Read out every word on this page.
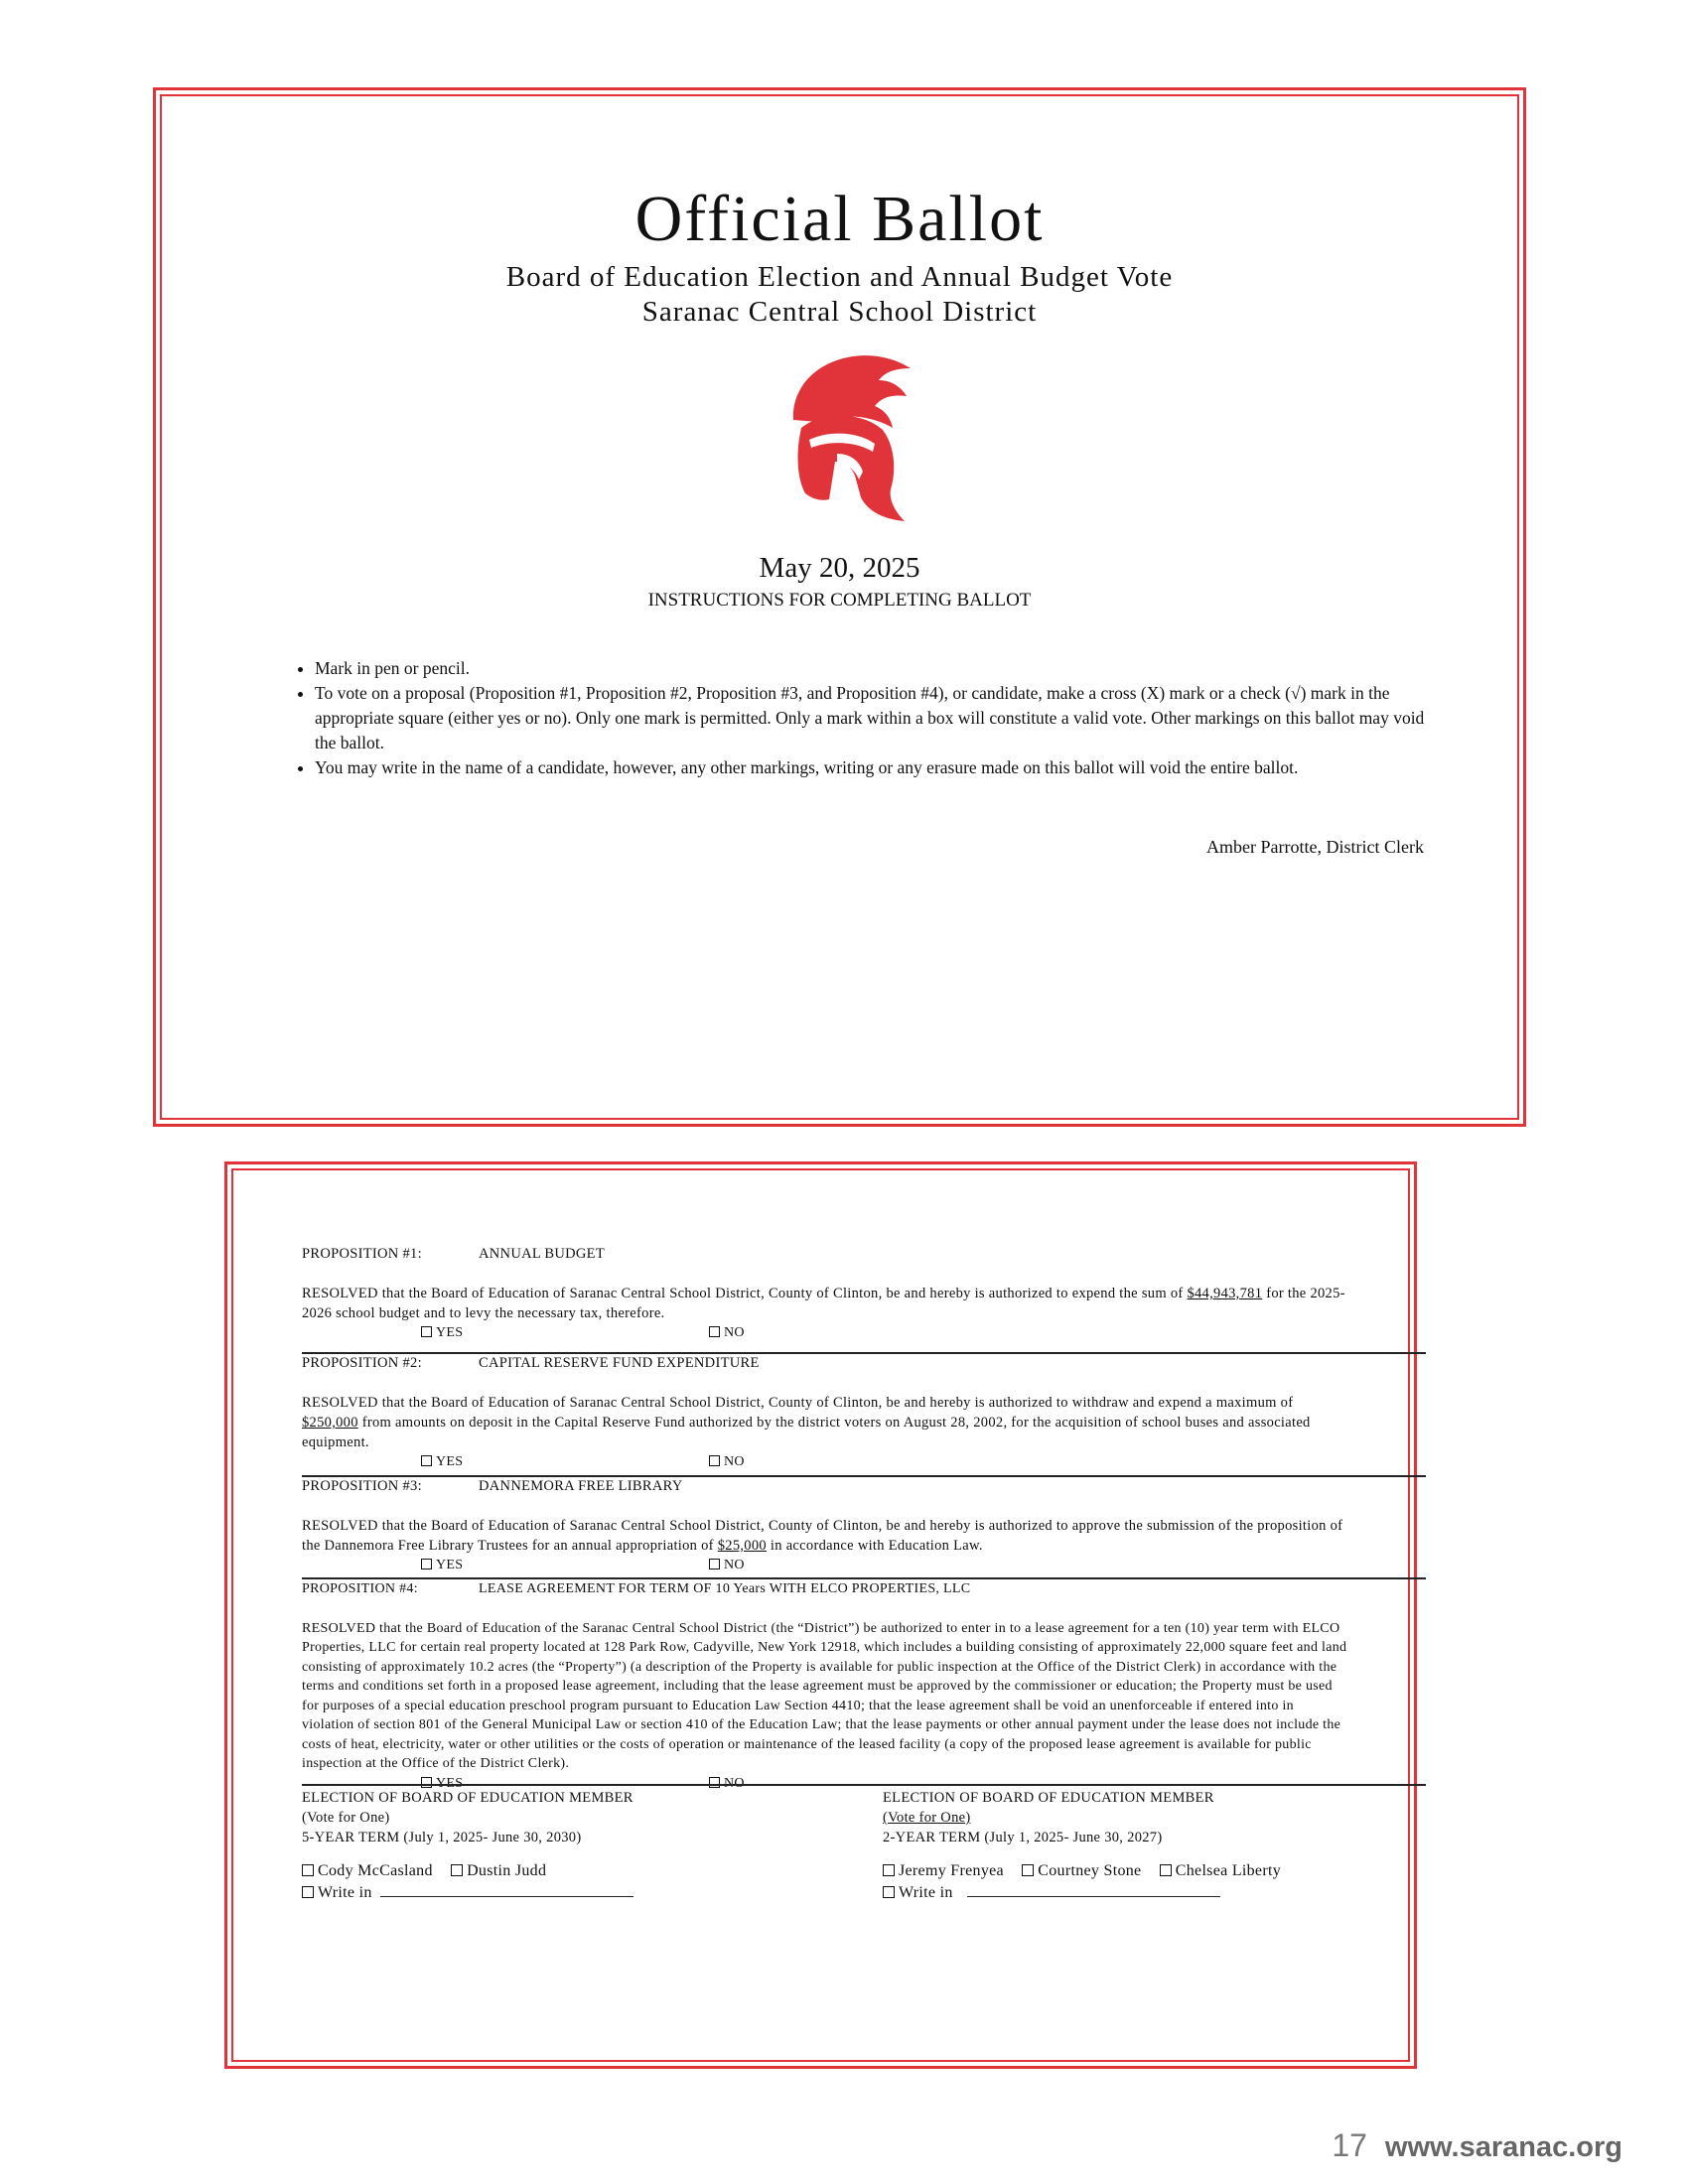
Official Ballot
Board of Education Election and Annual Budget Vote
Saranac Central School District
May 20, 2025
INSTRUCTIONS FOR COMPLETING BALLOT
• Mark in pen or pencil.
• To vote on a proposal (Proposition #1, Proposition #2, Proposition #3, and Proposition #4), or candidate, make a cross (X) mark or a check (√) mark in the appropriate square (either yes or no). Only one mark is permitted. Only a mark within a box will constitute a valid vote. Other markings on this ballot may void the ballot.
• You may write in the name of a candidate, however, any other markings, writing or any erasure made on this ballot will void the entire ballot.
Amber Parrotte, District Clerk
PROPOSITION #1:	ANNUAL BUDGET
RESOLVED that the Board of Education of Saranac Central School District, County of Clinton, be and hereby is authorized to expend the sum of $44,943,781 for the 2025-2026 school budget and to levy the necessary tax, therefore.
YES	NO
PROPOSITION #2:	CAPITAL RESERVE FUND EXPENDITURE
RESOLVED that the Board of Education of Saranac Central School District, County of Clinton, be and hereby is authorized to withdraw and expend a maximum of $250,000 from amounts on deposit in the Capital Reserve Fund authorized by the district voters on August 28, 2002, for the acquisition of school buses and associated equipment.
YES	NO
PROPOSITION #3:	DANNEMORA FREE LIBRARY
RESOLVED that the Board of Education of Saranac Central School District, County of Clinton, be and hereby is authorized to approve the submission of the proposition of the Dannemora Free Library Trustees for an annual appropriation of $25,000 in accordance with Education Law.
YES	NO
PROPOSITION #4:	LEASE AGREEMENT FOR TERM OF 10 Years WITH ELCO PROPERTIES, LLC
RESOLVED that the Board of Education of the Saranac Central School District (the “District”) be authorized to enter in to a lease agreement for a ten (10) year term with ELCO Properties, LLC for certain real property located at 128 Park Row, Cadyville, New York 12918, which includes a building consisting of approximately 22,000 square feet and land consisting of approximately 10.2 acres (the “Property”) (a description of the Property is available for public inspection at the Office of the District Clerk) in accordance with the terms and conditions set forth in a proposed lease agreement, including that the lease agreement must be approved by the commissioner or education; the Property must be used for purposes of a special education preschool program pursuant to Education Law Section 4410; that the lease agreement shall be void an unenforceable if entered into in violation of section 801 of the General Municipal Law or section 410 of the Education Law; that the lease payments or other annual payment under the lease does not include the costs of heat, electricity, water or other utilities or the costs of operation or maintenance of the leased facility (a copy of the proposed lease agreement is available for public inspection at the Office of the District Clerk).
YES	NO
ELECTION OF BOARD OF EDUCATION MEMBER
(Vote for One)
5-YEAR TERM (July 1, 2025- June 30, 2030)
Cody McCasland Dustin Judd
Write in
ELECTION OF BOARD OF EDUCATION MEMBER
(Vote for One)
2-YEAR TERM (July 1, 2025- June 30, 2027)
Jeremy Frenyea Courtney Stone Chelsea Liberty
Write in
17 www.saranac.org
